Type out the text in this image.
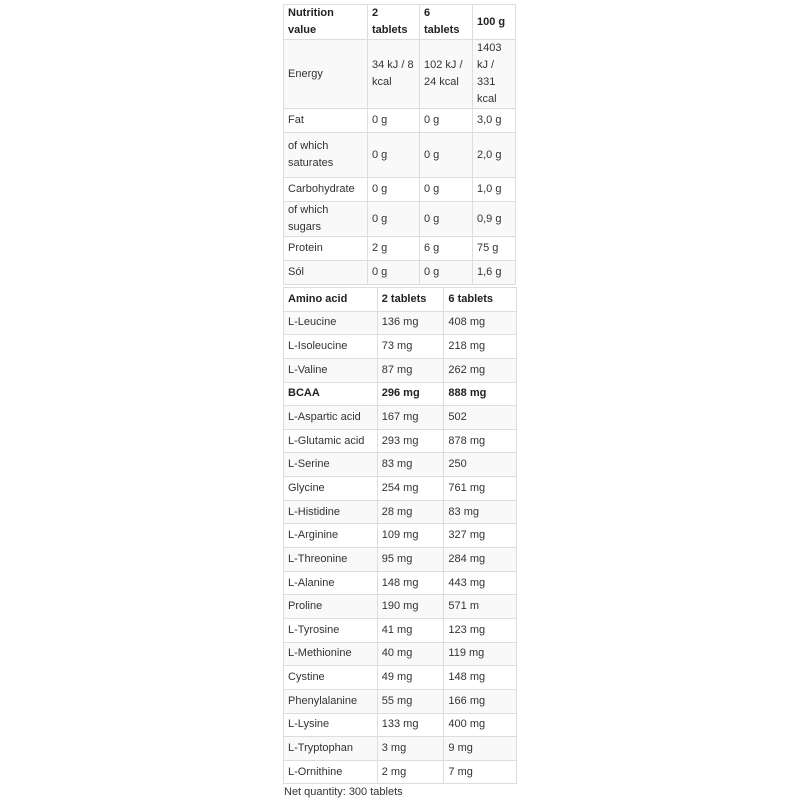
Nutrition value	2 tablets	6 tablets	100 g
Energy	34 kJ / 8 kcal	102 kJ / 24 kcal	1403 kJ / 331 kcal
Fat	0 g	0 g	3,0 g
of which saturates	0 g	0 g	2,0 g
Carbohydrate	0 g	0 g	1,0 g
of which sugars	0 g	0 g	0,9 g
Protein	2 g	6 g	75 g
Sól	0 g	0 g	1,6 g
Amino acid	2 tablets	6 tablets
L-Leucine	136 mg	408 mg
L-Isoleucine	73 mg	218 mg
L-Valine	87 mg	262 mg
BCAA	296 mg	888 mg
L-Aspartic acid	167 mg	502
L-Glutamic acid	293 mg	878 mg
L-Serine	83 mg	250
Glycine	254 mg	761 mg
L-Histidine	28 mg	83 mg
L-Arginine	109 mg	327 mg
L-Threonine	95 mg	284 mg
L-Alanine	148 mg	443 mg
Proline	190 mg	571 m
L-Tyrosine	41 mg	123 mg
L-Methionine	40 mg	119 mg
Cystine	49 mg	148 mg
Phenylalanine	55 mg	166 mg
L-Lysine	133 mg	400 mg
L-Tryptophan	3 mg	9 mg
L-Ornithine	2 mg	7 mg
Net quantity: 300 tablets
